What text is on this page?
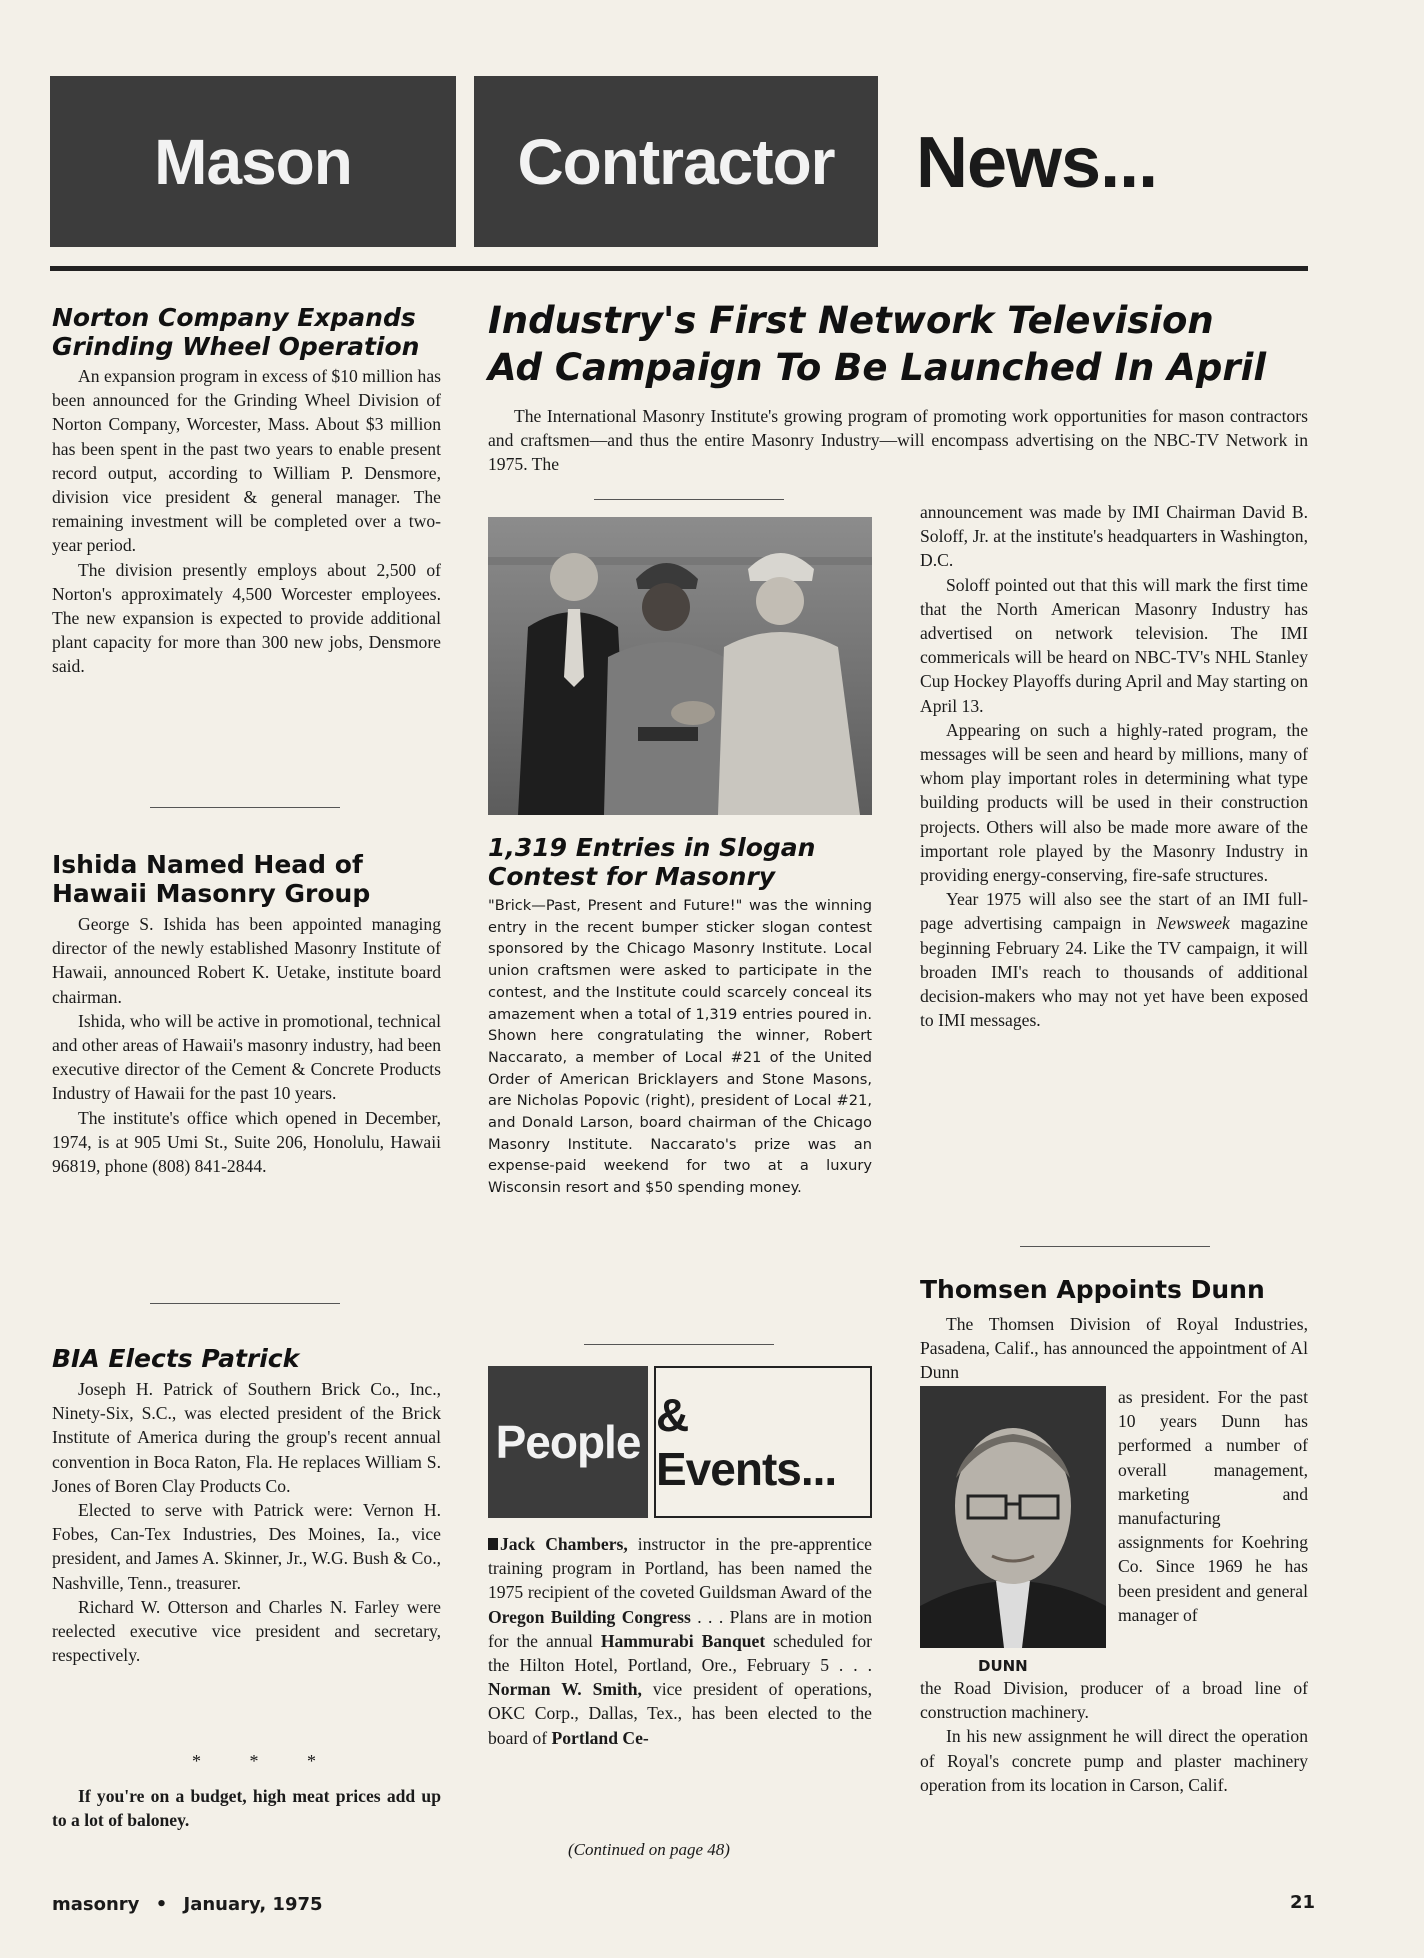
Mason	Contractor News...
Norton Company Expands
Grinding Wheel Operation

An expansion program in excess of $10 million has been announced for the Grinding Wheel Division of Norton Company, Worcester, Mass. About $3 million has been spent in the past two years to enable present record output, according to William P. Densmore, division vice president & general manager. The remaining investment will be completed over a two-year period.

The division presently employs about 2,500 of Norton's approximately 4,500 Worcester employees. The new expansion is expected to provide additional plant capacity for more than 300 new jobs, Densmore said.

Ishida Named Head of
Hawaii Masonry Group

George S. Ishida has been appointed managing director of the newly established Masonry Institute of Hawaii, announced Robert K. Uetake, institute board chairman.

Ishida, who will be active in promotional, technical and other areas of Hawaii's masonry industry, had been executive director of the Cement & Concrete Products Industry of Hawaii for the past 10 years.

The institute's office which opened in December, 1974, is at 905 Umi St., Suite 206, Honolulu, Hawaii 96819, phone (808) 841-2844.

BIA Elects Patrick

Joseph H. Patrick of Southern Brick Co., Inc., Ninety-Six, S.C., was elected president of the Brick Institute of America during the group's recent annual convention in Boca Raton, Fla. He replaces William S. Jones of Boren Clay Products Co.

Elected to serve with Patrick were: Vernon H. Fobes, Can-Tex Industries, Des Moines, Ia., vice president, and James A. Skinner, Jr., W.G. Bush & Co., Nashville, Tenn., treasurer.

Richard W. Otterson and Charles N. Farley were reelected executive vice president and secretary, respectively.

* * *

If you're on a budget, high meat prices add up to a lot of baloney.

Industry's First Network Television
Ad Campaign To Be Launched In April

The International Masonry Institute's growing program of promoting work opportunities for mason contractors and craftsmen—and thus the entire Masonry Industry—will encompass advertising on the NBC-TV Network in 1975. The

1,319 Entries in Slogan
Contest for Masonry

"Brick—Past, Present and Future!" was the winning entry in the recent bumper sticker slogan contest sponsored by the Chicago Masonry Institute. Local union craftsmen were asked to participate in the contest, and the Institute could scarcely conceal its amazement when a total of 1,319 entries poured in. Shown here congratulating the winner, Robert Naccarato, a member of Local #21 of the United Order of American Bricklayers and Stone Masons, are Nicholas Popovic (right), president of Local #21, and Donald Larson, board chairman of the Chicago Masonry Institute. Naccarato's prize was an expense-paid weekend for two at a luxury Wisconsin resort and $50 spending money.

People
& Events...

Jack Chambers, instructor in the pre-apprentice training program in Portland, has been named the 1975 recipient of the coveted Guildsman Award of the Oregon Building Congress . . . Plans are in motion for the annual Hammurabi Banquet scheduled for the Hilton Hotel, Portland, Ore., February 5 . . . Norman W. Smith, vice president of operations, OKC Corp., Dallas, Tex., has been elected to the board of Portland Ce-

(Continued on page 48)

announcement was made by IMI Chairman David B. Soloff, Jr. at the institute's headquarters in Washington, D.C.

Soloff pointed out that this will mark the first time that the North American Masonry Industry has advertised on network television. The IMI commericals will be heard on NBC-TV's NHL Stanley Cup Hockey Playoffs during April and May starting on April 13.

Appearing on such a highly-rated program, the messages will be seen and heard by millions, many of whom play important roles in determining what type building products will be used in their construction projects. Others will also be made more aware of the important role played by the Masonry Industry in providing energy-conserving, fire-safe structures.

Year 1975 will also see the start of an IMI full-page advertising campaign in Newsweek magazine beginning February 24. Like the TV campaign, it will broaden IMI's reach to thousands of additional decision-makers who may not yet have been exposed to IMI messages.

Thomsen Appoints Dunn

The Thomsen Division of Royal Industries, Pasadena, Calif., has announced the appointment of Al Dunn

as president. For the past 10 years Dunn has performed a number of overall management, marketing and manufacturing assignments for Koehring Co. Since 1969 he has been president and general manager of

DUNN

the Road Division, producer of a broad line of construction machinery.

In his new assignment he will direct the operation of Royal's concrete pump and plaster machinery operation from its location in Carson, Calif.

masonry • January, 1975	21
